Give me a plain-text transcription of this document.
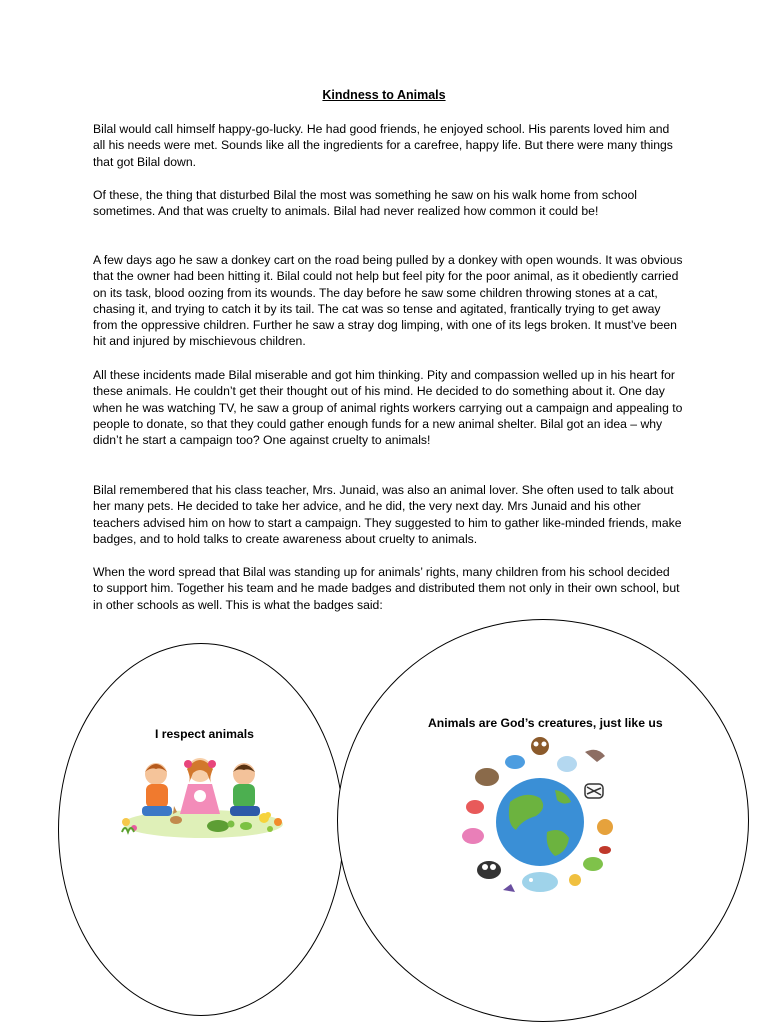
Kindness to Animals

Bilal would call himself happy-go-lucky. He had good friends, he enjoyed school. His parents loved him and all his needs were met. Sounds like all the ingredients for a carefree, happy life. But there were many things that got Bilal down.

Of these, the thing that disturbed Bilal the most was something he saw on his walk home from school sometimes. And that was cruelty to animals. Bilal had never realized how common it could be!

A few days ago he saw a donkey cart on the road being pulled by a donkey with open wounds. It was obvious that the owner had been hitting it. Bilal could not help but feel pity for the poor animal, as it obediently carried on its task, blood oozing from its wounds. The day before he saw some children throwing stones at a cat, chasing it, and trying to catch it by its tail. The cat was so tense and agitated, frantically trying to get away from the oppressive children. Further he saw a stray dog limping, with one of its legs broken. It must’ve been hit and injured by mischievous children.

All these incidents made Bilal miserable and got him thinking. Pity and compassion welled up in his heart for these animals. He couldn’t get their thought out of his mind. He decided to do something about it. One day when he was watching TV, he saw a group of animal rights workers carrying out a campaign and appealing to people to donate, so that they could gather enough funds for a new animal shelter. Bilal got an idea – why didn’t he start a campaign too? One against cruelty to animals!

Bilal remembered that his class teacher, Mrs. Junaid, was also an animal lover. She often used to talk about her many pets. He decided to take her advice, and he did, the very next day. Mrs Junaid and his other teachers advised him on how to start a campaign. They suggested to him to gather like-minded friends, make badges, and to hold talks to create awareness about cruelty to animals.

When the word spread that Bilal was standing up for animals’ rights, many children from his school decided to support him. Together his team and he made badges and distributed them not only in their own school, but in other schools as well. This is what the badges said:

I respect animals
Animals are God’s creatures, just like us
